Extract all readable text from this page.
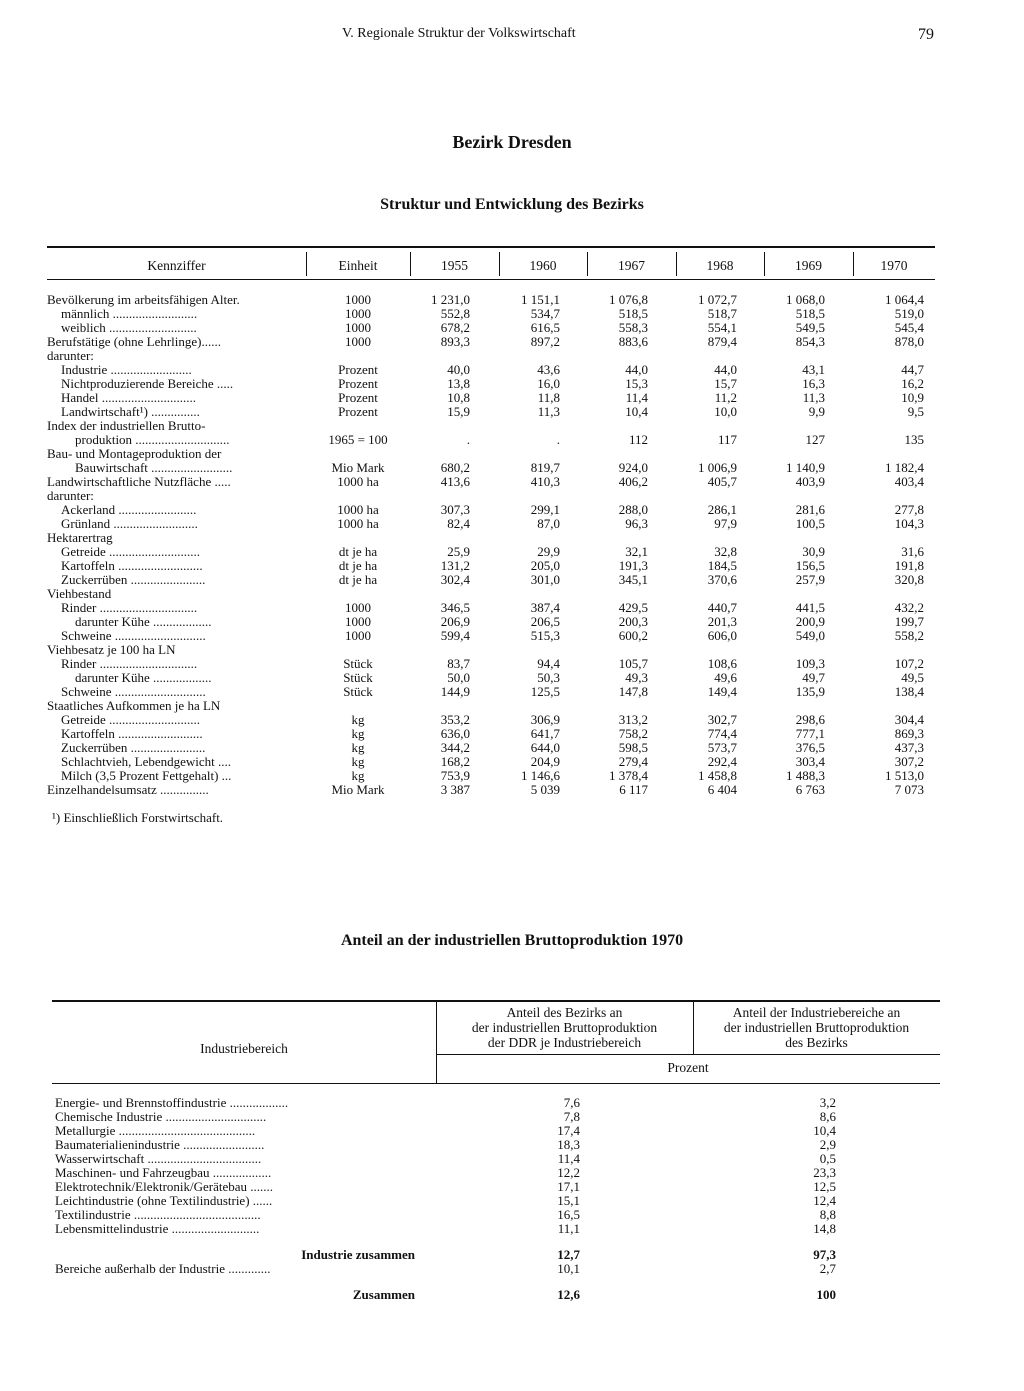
V. Regionale Struktur der Volkswirtschaft	79
Bezirk Dresden
Struktur und Entwicklung des Bezirks
Kennziffer	Einheit	1955	1960	1967	1968	1969	1970
Bevölkerung im arbeitsfähigen Alter.	1000	1 231,0	1 151,1	1 076,8	1 072,7	1 068,0	1 064,4
männlich ..........................	1000	552,8	534,7	518,5	518,7	518,5	519,0
weiblich ...........................	1000	678,2	616,5	558,3	554,1	549,5	545,4
Berufstätige (ohne Lehrlinge)......	1000	893,3	897,2	883,6	879,4	854,3	878,0
darunter:
Industrie .........................	Prozent	40,0	43,6	44,0	44,0	43,1	44,7
Nichtproduzierende Bereiche .....	Prozent	13,8	16,0	15,3	15,7	16,3	16,2
Handel .............................	Prozent	10,8	11,8	11,4	11,2	11,3	10,9
Landwirtschaft¹) ...............	Prozent	15,9	11,3	10,4	10,0	9,9	9,5
Index der industriellen Brutto-
produktion .............................	1965 = 100	.	.	112	117	127	135
Bau- und Montageproduktion der
Bauwirtschaft .........................	Mio Mark	680,2	819,7	924,0	1 006,9	1 140,9	1 182,4
Landwirtschaftliche Nutzfläche .....	1000 ha	413,6	410,3	406,2	405,7	403,9	403,4
darunter:
Ackerland ........................	1000 ha	307,3	299,1	288,0	286,1	281,6	277,8
Grünland ..........................	1000 ha	82,4	87,0	96,3	97,9	100,5	104,3
Hektarertrag
Getreide ............................	dt je ha	25,9	29,9	32,1	32,8	30,9	31,6
Kartoffeln ..........................	dt je ha	131,2	205,0	191,3	184,5	156,5	191,8
Zuckerrüben .......................	dt je ha	302,4	301,0	345,1	370,6	257,9	320,8
Viehbestand
Rinder ..............................	1000	346,5	387,4	429,5	440,7	441,5	432,2
darunter Kühe ..................	1000	206,9	206,5	200,3	201,3	200,9	199,7
Schweine ............................	1000	599,4	515,3	600,2	606,0	549,0	558,2
Viehbesatz je 100 ha LN
Rinder ..............................	Stück	83,7	94,4	105,7	108,6	109,3	107,2
darunter Kühe ..................	Stück	50,0	50,3	49,3	49,6	49,7	49,5
Schweine ............................	Stück	144,9	125,5	147,8	149,4	135,9	138,4
Staatliches Aufkommen je ha LN
Getreide ............................	kg	353,2	306,9	313,2	302,7	298,6	304,4
Kartoffeln ..........................	kg	636,0	641,7	758,2	774,4	777,1	869,3
Zuckerrüben .......................	kg	344,2	644,0	598,5	573,7	376,5	437,3
Schlachtvieh, Lebendgewicht ....	kg	168,2	204,9	279,4	292,4	303,4	307,2
Milch (3,5 Prozent Fettgehalt) ...	kg	753,9	1 146,6	1 378,4	1 458,8	1 488,3	1 513,0
Einzelhandelsumsatz ...............	Mio Mark	3 387	5 039	6 117	6 404	6 763	7 073
¹) Einschließlich Forstwirtschaft.
Anteil an der industriellen Bruttoproduktion 1970
Industriebereich
Anteil des Bezirks an
der industriellen Bruttoproduktion
der DDR je Industriebereich
Anteil der Industriebereiche an
der industriellen Bruttoproduktion
des Bezirks
Prozent
Energie- und Brennstoffindustrie ..................	7,6	3,2
Chemische Industrie ...............................	7,8	8,6
Metallurgie ..........................................	17,4	10,4
Baumaterialienindustrie .........................	18,3	2,9
Wasserwirtschaft ...................................	11,4	0,5
Maschinen- und Fahrzeugbau ..................	12,2	23,3
Elektrotechnik/Elektronik/Gerätebau .......	17,1	12,5
Leichtindustrie (ohne Textilindustrie) ......	15,1	12,4
Textilindustrie .......................................	16,5	8,8
Lebensmittelindustrie ...........................	11,1	14,8
Industrie zusammen	12,7	97,3
Bereiche außerhalb der Industrie .............	10,1	2,7
Zusammen	12,6	100
